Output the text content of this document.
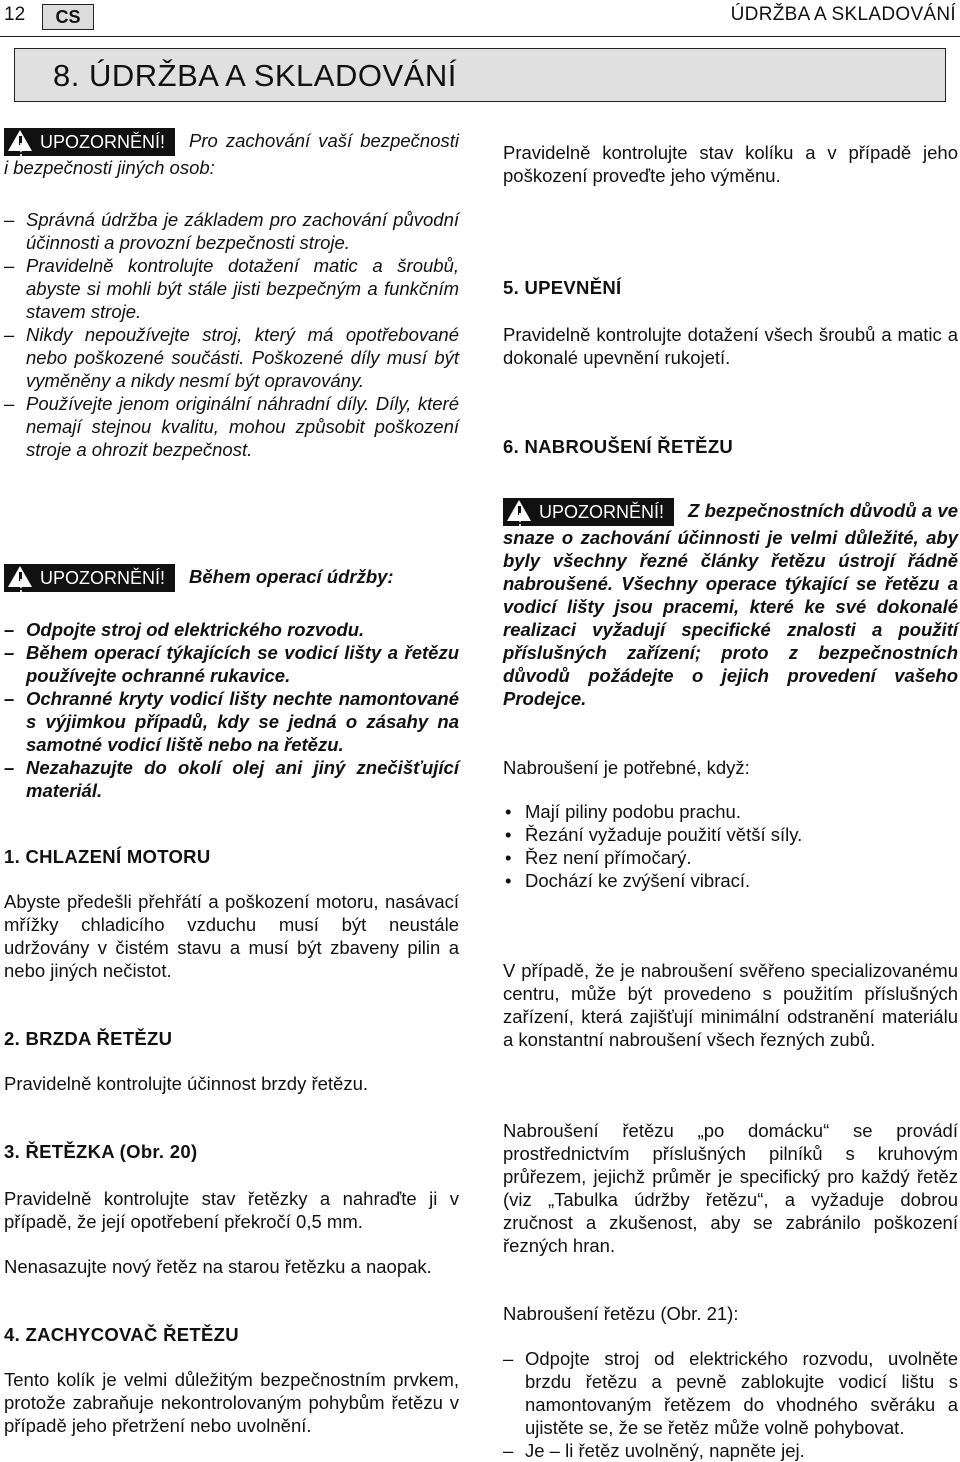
12	CS	ÚDRŽBA A SKLADOVÁNÍ
8. ÚDRŽBA A SKLADOVÁNÍ
! UPOZORNĚNÍ! Pro zachování vaší bezpečnosti i bezpečnosti jiných osob:
– Správná údržba je základem pro zachování původní účinnosti a provozní bezpečnosti stroje.
– Pravidelně kontrolujte dotažení matic a šroubů, abyste si mohli být stále jisti bezpečným a funkčním stavem stroje.
– Nikdy nepoužívejte stroj, který má opotřebované nebo poškozené součásti. Poškozené díly musí být vyměněny a nikdy nesmí být opravovány.
– Používejte jenom originální náhradní díly. Díly, které nemají stejnou kvalitu, mohou způsobit poškození stroje a ohrozit bezpečnost.
! UPOZORNĚNÍ! Během operací údržby:
– Odpojte stroj od elektrického rozvodu.
– Během operací týkajících se vodicí lišty a řetězu používejte ochranné rukavice.
– Ochranné kryty vodicí lišty nechte namontované s výjimkou případů, kdy se jedná o zásahy na samotné vodicí liště nebo na řetězu.
– Nezahazujte do okolí olej ani jiný znečišťující materiál.
1. CHLAZENÍ MOTORU
Abyste předešli přehřátí a poškození motoru, nasávací mřížky chladicího vzduchu musí být neustále udržovány v čistém stavu a musí být zbaveny pilin a nebo jiných nečistot.
2. BRZDA ŘETĚZU
Pravidelně kontrolujte účinnost brzdy řetězu.
3. ŘETĚZKA (Obr. 20)
Pravidelně kontrolujte stav řetězky a nahraďte ji v případě, že její opotřebení překročí 0,5 mm.
Nenasazujte nový řetěz na starou řetězku a naopak.
4. ZACHYCOVAČ ŘETĚZU
Tento kolík je velmi důležitým bezpečnostním prvkem, protože zabraňuje nekontrolovaným pohybům řetězu v případě jeho přetržení nebo uvolnění.
Pravidelně kontrolujte stav kolíku a v případě jeho poškození proveďte jeho výměnu.
5. UPEVNĚNÍ
Pravidelně kontrolujte dotažení všech šroubů a matic a dokonalé upevnění rukojetí.
6. NABROUŠENÍ ŘETĚZU
! UPOZORNĚNÍ! Z bezpečnostních důvodů a ve snaze o zachování účinnosti je velmi důležité, aby byly všechny řezné články řetězu ústrojí řádně nabroušené. Všechny operace týkající se řetězu a vodicí lišty jsou pracemi, které ke své dokonalé realizaci vyžadují specifické znalosti a použití příslušných zařízení; proto z bezpečnostních důvodů požádejte o jejich provedení vašeho Prodejce.
Nabroušení je potřebné, když:
• Mají piliny podobu prachu.
• Řezání vyžaduje použití větší síly.
• Řez není přímočarý.
• Dochází ke zvýšení vibrací.
V případě, že je nabroušení svěřeno specializovanému centru, může být provedeno s použitím příslušných zařízení, která zajišťují minimální odstranění materiálu a konstantní nabroušení všech řezných zubů.
Nabroušení řetězu „po domácku“ se provádí prostřednictvím příslušných pilníků s kruhovým průřezem, jejichž průměr je specifický pro každý řetěz (viz „Tabulka údržby řetězu“, a vyžaduje dobrou zručnost a zkušenost, aby se zabránilo poškození řezných hran.
Nabroušení řetězu (Obr. 21):
– Odpojte stroj od elektrického rozvodu, uvolněte brzdu řetězu a pevně zablokujte vodicí lištu s namontovaným řetězem do vhodného svěráku a ujistěte se, že se řetěz může volně pohybovat.
– Je – li řetěz uvolněný, napněte jej.
